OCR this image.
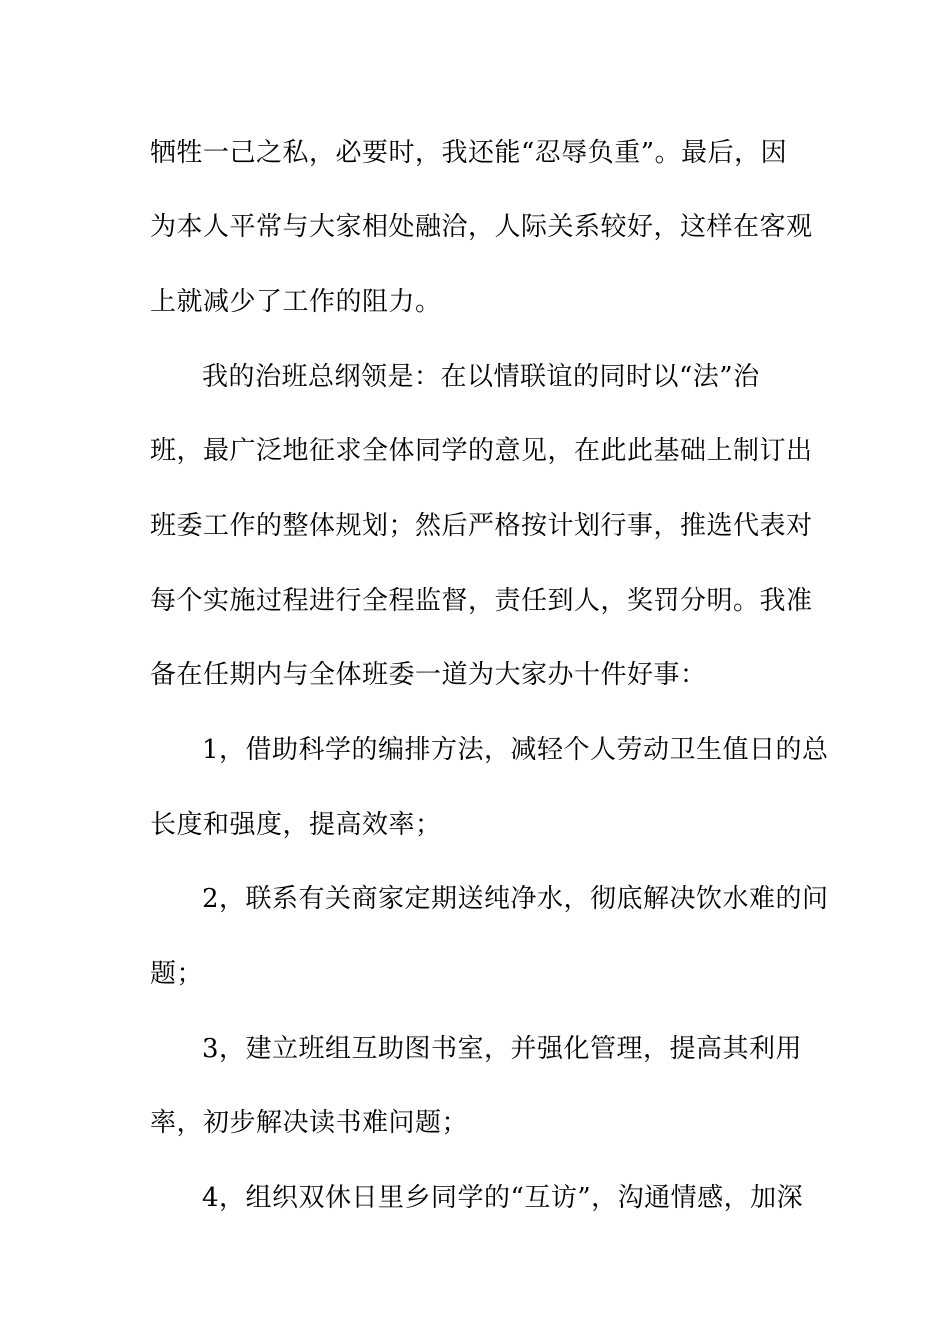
牺牲一己之私，必要时，我还能“忍辱负重”。最后，因
为本人平常与大家相处融洽，人际关系较好，这样在客观
上就减少了工作的阻力。
我的治班总纲领是：在以情联谊的同时以“法”治
班，最广泛地征求全体同学的意见，在此此基础上制订出
班委工作的整体规划；然后严格按计划行事，推选代表对
每个实施过程进行全程监督，责任到人，奖罚分明。我准
备在任期内与全体班委一道为大家办十件好事：
1，借助科学的编排方法，减轻个人劳动卫生值日的总
长度和强度，提高效率；
2，联系有关商家定期送纯净水，彻底解决饮水难的问
题；
3，建立班组互助图书室，并强化管理，提高其利用
率，初步解决读书难问题；
4，组织双休日里乡同学的“互访”，沟通情感，加深
